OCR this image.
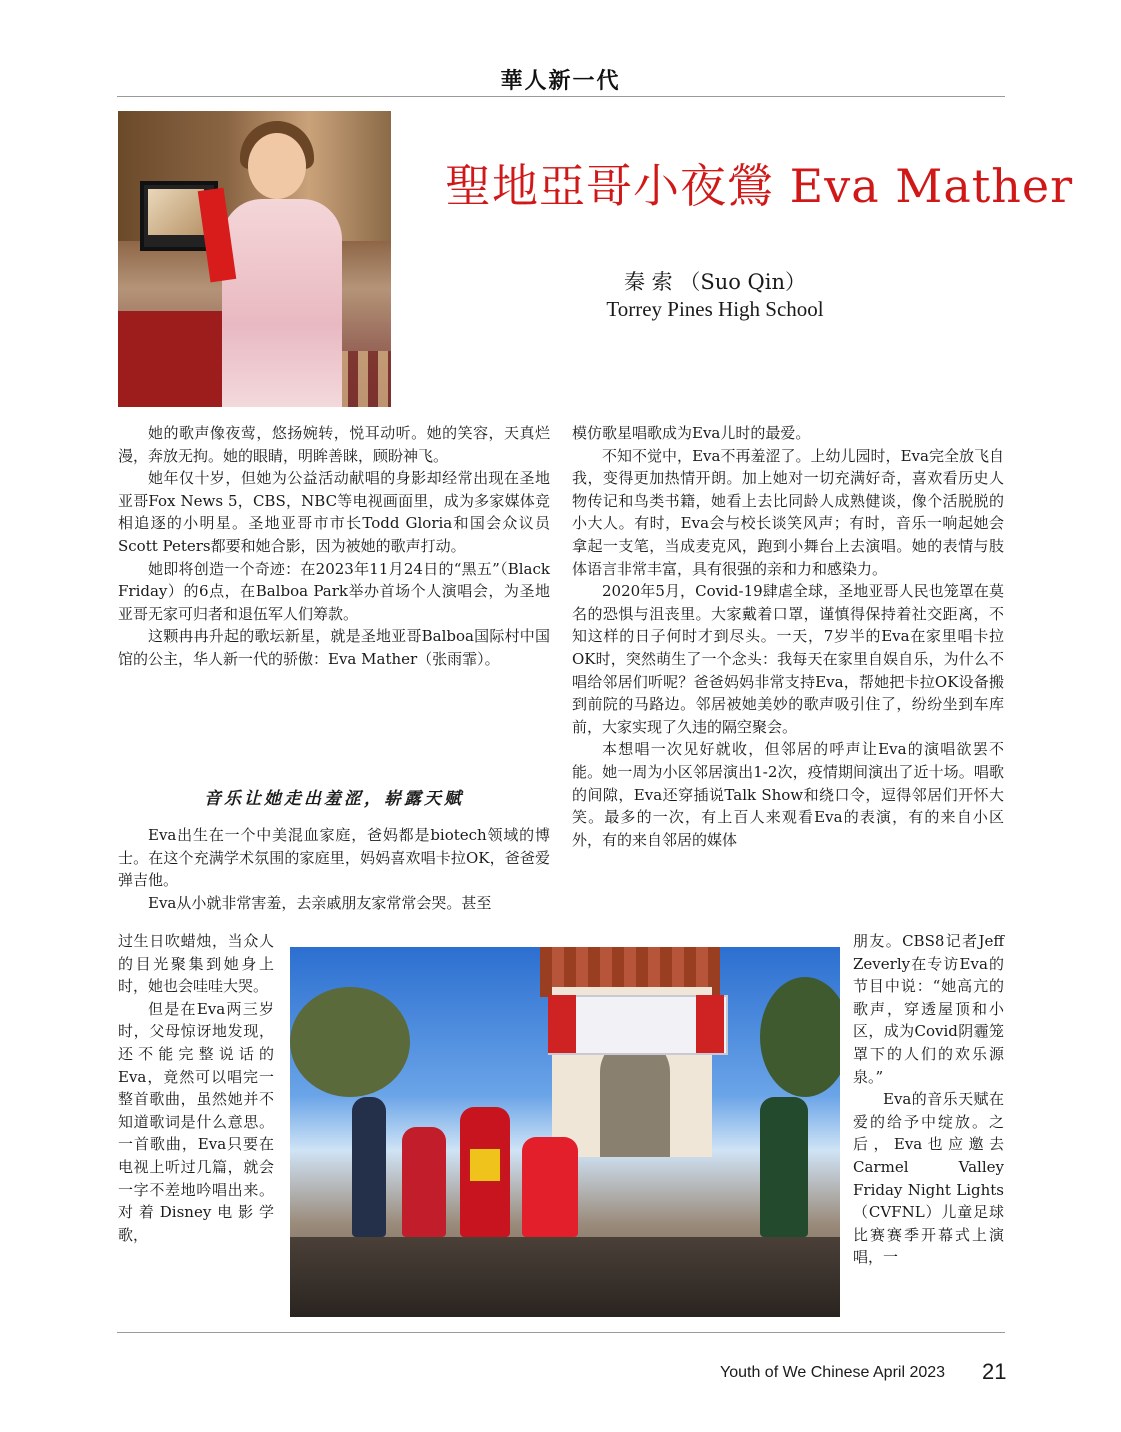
華人新一代
聖地亞哥小夜鶯 Eva Mather
秦 索 （Suo Qin）
Torrey Pines High School

她的歌声像夜莺，悠扬婉转，悦耳动听。她的笑容，天真烂漫，奔放无拘。她的眼睛，明眸善睐，顾盼神飞。

她年仅十岁，但她为公益活动献唱的身影却经常出现在圣地亚哥Fox News 5，CBS，NBC等电视画面里，成为多家媒体竞相追逐的小明星。圣地亚哥市市长Todd Gloria和国会众议员Scott Peters都要和她合影，因为被她的歌声打动。

她即将创造一个奇迹：在2023年11月24日的“黑五”（Black Friday）的6点，在Balboa Park举办首场个人演唱会，为圣地亚哥无家可归者和退伍军人们筹款。

这颗冉冉升起的歌坛新星，就是圣地亚哥Balboa国际村中国馆的公主，华人新一代的骄傲：Eva Mather（张雨霏）。

音乐让她走出羞涩，崭露天赋

Eva出生在一个中美混血家庭，爸妈都是biotech领域的博士。在这个充满学术氛围的家庭里，妈妈喜欢唱卡拉OK，爸爸爱弹吉他。

Eva从小就非常害羞，去亲戚朋友家常常会哭。甚至

过生日吹蜡烛，当众人的目光聚集到她身上时，她也会哇哇大哭。

但是在Eva两三岁时，父母惊讶地发现，还不能完整说话的Eva，竟然可以唱完一整首歌曲，虽然她并不知道歌词是什么意思。一首歌曲，Eva只要在电视上听过几篇，就会一字不差地吟唱出来。对着Disney电影学歌，

模仿歌星唱歌成为Eva儿时的最爱。

不知不觉中，Eva不再羞涩了。上幼儿园时，Eva完全放飞自我，变得更加热情开朗。加上她对一切充满好奇，喜欢看历史人物传记和鸟类书籍，她看上去比同龄人成熟健谈，像个活脱脱的小大人。有时，Eva会与校长谈笑风声；有时，音乐一响起她会拿起一支笔，当成麦克风，跑到小舞台上去演唱。她的表情与肢体语言非常丰富，具有很强的亲和力和感染力。

2020年5月，Covid-19肆虐全球，圣地亚哥人民也笼罩在莫名的恐惧与沮丧里。大家戴着口罩，谨慎得保持着社交距离，不知这样的日子何时才到尽头。一天，7岁半的Eva在家里唱卡拉OK时，突然萌生了一个念头：我每天在家里自娱自乐，为什么不唱给邻居们听呢？爸爸妈妈非常支持Eva，帮她把卡拉OK设备搬到前院的马路边。邻居被她美妙的歌声吸引住了，纷纷坐到车库前，大家实现了久违的隔空聚会。

本想唱一次见好就收，但邻居的呼声让Eva的演唱欲罢不能。她一周为小区邻居演出1-2次，疫情期间演出了近十场。唱歌的间隙，Eva还穿插说Talk Show和绕口令，逗得邻居们开怀大笑。最多的一次，有上百人来观看Eva的表演，有的来自小区外，有的来自邻居的媒体

朋友。CBS8记者Jeff Zeverly在专访Eva的节目中说：“她高亢的歌声，穿透屋顶和小区，成为Covid阴霾笼罩下的人们的欢乐源泉。”

Eva的音乐天赋在爱的给予中绽放。之后，Eva也应邀去Carmel Valley Friday Night Lights（CVFNL）儿童足球比赛赛季开幕式上演唱，一

Youth of We Chinese April 2023 21
